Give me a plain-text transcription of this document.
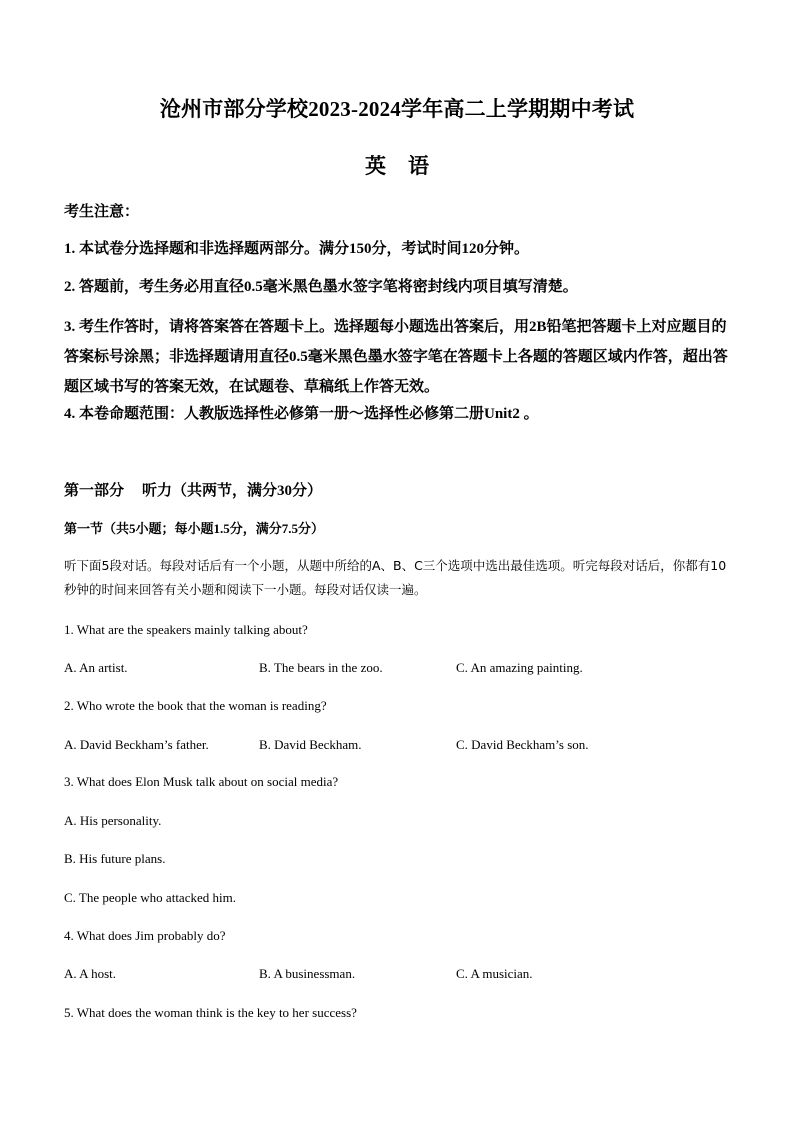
沧州市部分学校2023-2024学年高二上学期期中考试
英语
考生注意：
1. 本试卷分选择题和非选择题两部分。满分150分，考试时间120分钟。
2. 答题前，考生务必用直径0.5毫米黑色墨水签字笔将密封线内项目填写清楚。
3. 考生作答时，请将答案答在答题卡上。选择题每小题选出答案后，用2B铅笔把答题卡上对应题目的答案标号涂黑；非选择题请用直径0.5毫米黑色墨水签字笔在答题卡上各题的答题区域内作答，超出答题区域书写的答案无效，在试题卷、草稿纸上作答无效。
4. 本卷命题范围：人教版选择性必修第一册～选择性必修第二册Unit2 。
第一部分 听力（共两节，满分30分）
第一节（共5小题；每小题1.5分，满分7.5分）
听下面5段对话。每段对话后有一个小题，从题中所给的A、B、C三个选项中选出最佳选项。听完每段对话后，你都有10秒钟的时间来回答有关小题和阅读下一小题。每段对话仅读一遍。
1. What are the speakers mainly talking about?
A. An artist.	B. The bears in the zoo.	C. An amazing painting.
2. Who wrote the book that the woman is reading?
A. David Beckham’s father.	B. David Beckham.	C. David Beckham’s son.
3. What does Elon Musk talk about on social media?
A. His personality.
B. His future plans.
C. The people who attacked him.
4. What does Jim probably do?
A. A host.	B. A businessman.	C. A musician.
5. What does the woman think is the key to her success?
